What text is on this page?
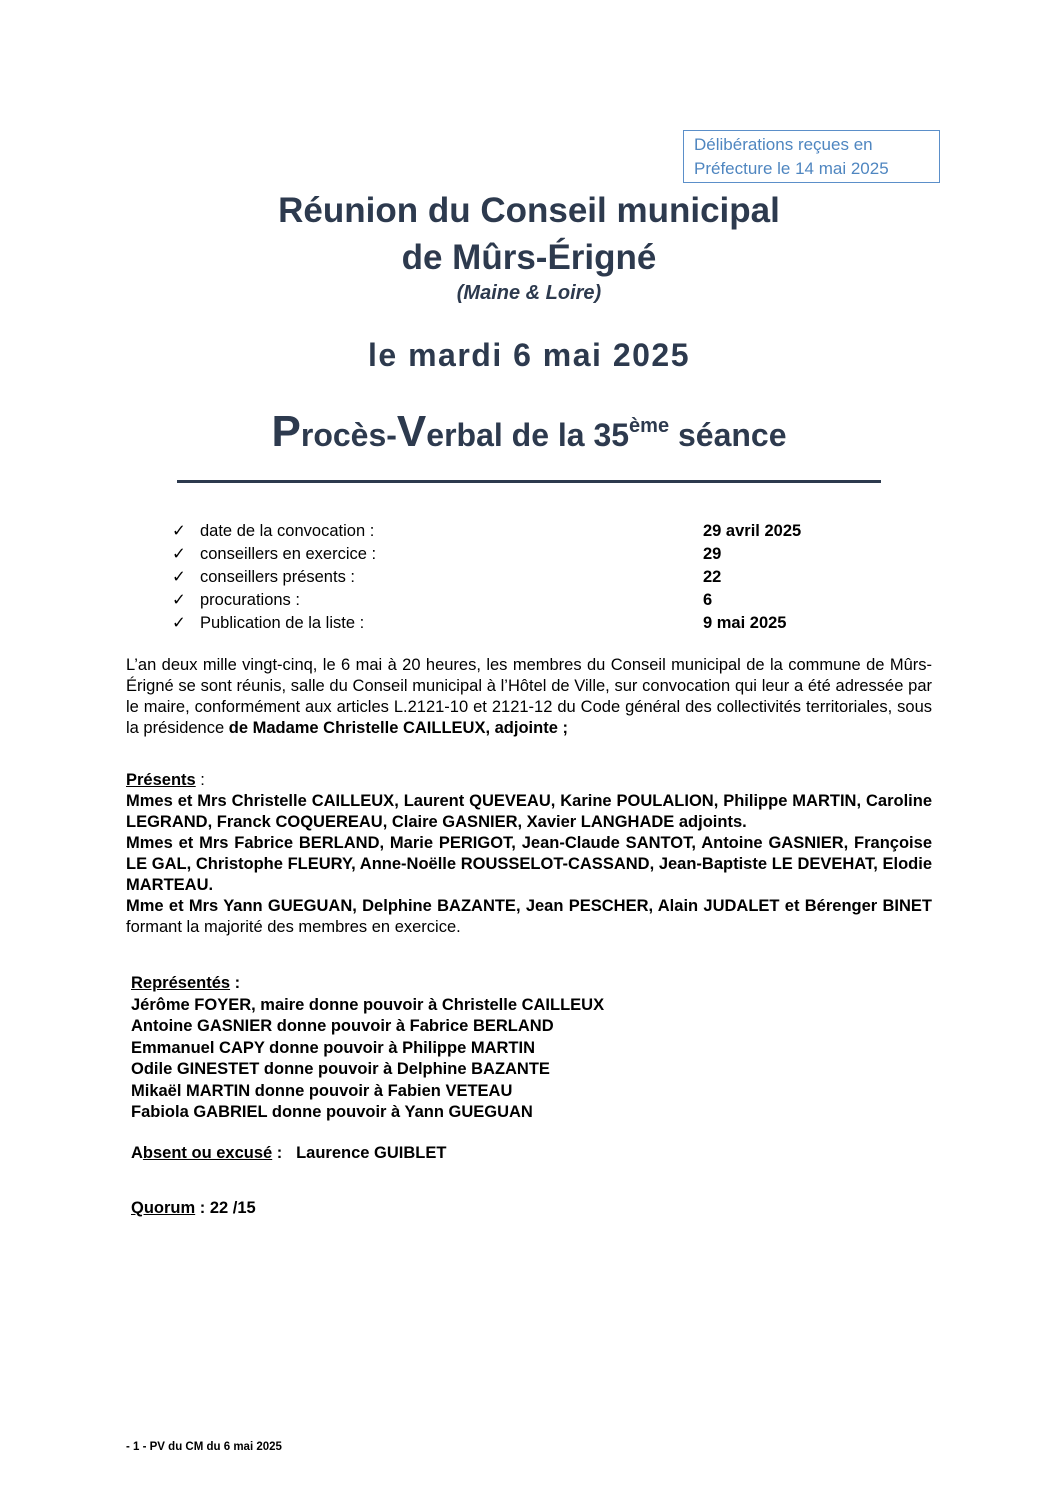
Délibérations reçues en
Préfecture le 14 mai 2025
Réunion du Conseil municipal
de Mûrs-Érigné
(Maine & Loire)
le mardi 6 mai 2025
Procès-Verbal de la 35ème séance
✓ date de la convocation :	29 avril 2025
✓ conseillers en exercice :	29
✓ conseillers présents :	22
✓ procurations :	6
✓ Publication de la liste :	9 mai 2025
L’an deux mille vingt-cinq, le 6 mai à 20 heures, les membres du Conseil municipal de la commune de Mûrs-Érigné se sont réunis, salle du Conseil municipal à l’Hôtel de Ville, sur convocation qui leur a été adressée par le maire, conformément aux articles L.2121-10 et 2121-12 du Code général des collectivités territoriales, sous la présidence de Madame Christelle CAILLEUX, adjointe ;
Présents :
Mmes et Mrs Christelle CAILLEUX, Laurent QUEVEAU, Karine POULALION, Philippe MARTIN, Caroline LEGRAND, Franck COQUEREAU, Claire GASNIER, Xavier LANGHADE adjoints.
Mmes et Mrs Fabrice BERLAND, Marie PERIGOT, Jean-Claude SANTOT, Antoine GASNIER, Françoise LE GAL, Christophe FLEURY, Anne-Noëlle ROUSSELOT-CASSAND, Jean-Baptiste LE DEVEHAT, Elodie MARTEAU.
Mme et Mrs Yann GUEGUAN, Delphine BAZANTE, Jean PESCHER, Alain JUDALET et Bérenger BINET formant la majorité des membres en exercice.
Représentés :
Jérôme FOYER, maire donne pouvoir à Christelle CAILLEUX
Antoine GASNIER donne pouvoir à Fabrice BERLAND
Emmanuel CAPY donne pouvoir à Philippe MARTIN
Odile GINESTET donne pouvoir à Delphine BAZANTE
Mikaël MARTIN donne pouvoir à Fabien VETEAU
Fabiola GABRIEL donne pouvoir à Yann GUEGUAN
Absent ou excusé :   Laurence GUIBLET
Quorum : 22 /15
- 1 - PV du CM du 6 mai 2025
